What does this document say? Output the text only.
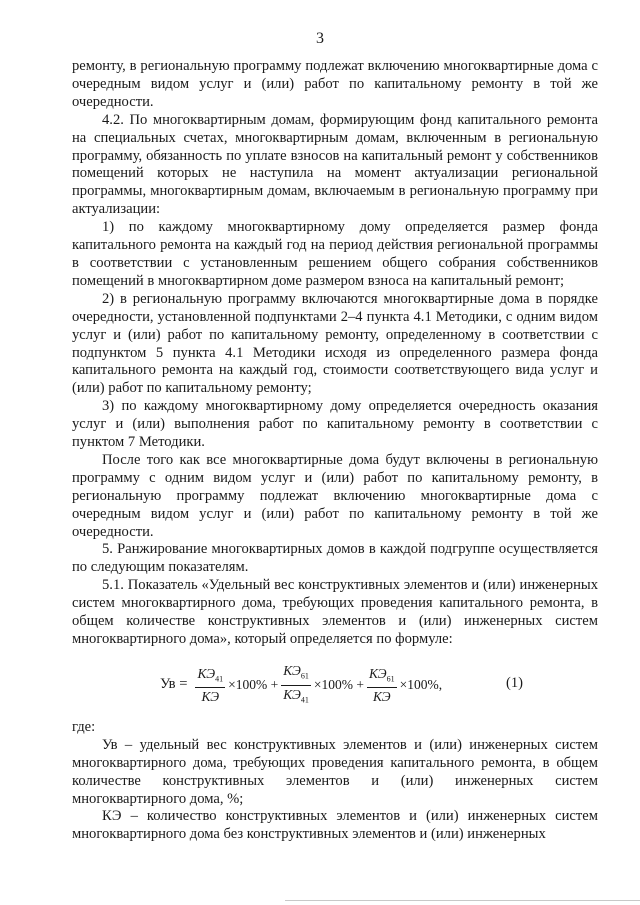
3

ремонту, в региональную программу подлежат включению многоквартирные дома с очередным видом услуг и (или) работ по капитальному ремонту в той же очередности.

4.2. По многоквартирным домам, формирующим фонд капитального ремонта на специальных счетах, многоквартирным домам, включенным в региональную программу, обязанность по уплате взносов на капитальный ремонт у собственников помещений которых не наступила на момент актуализации региональной программы, многоквартирным домам, включаемым в региональную программу при актуализации:

1) по каждому многоквартирному дому определяется размер фонда капитального ремонта на каждый год на период действия региональной программы в соответствии с установленным решением общего собрания собственников помещений в многоквартирном доме размером взноса на капитальный ремонт;

2) в региональную программу включаются многоквартирные дома в порядке очередности, установленной подпунктами 2–4 пункта 4.1 Методики, с одним видом услуг и (или) работ по капитальному ремонту, определенному в соответствии с подпунктом 5 пункта 4.1 Методики исходя из определенного размера фонда капитального ремонта на каждый год, стоимости соответствующего вида услуг и (или) работ по капитальному ремонту;

3) по каждому многоквартирному дому определяется очередность оказания услуг и (или) выполнения работ по капитальному ремонту в соответствии с пунктом 7 Методики.

После того как все многоквартирные дома будут включены в региональную программу с одним видом услуг и (или) работ по капитальному ремонту, в региональную программу подлежат включению многоквартирные дома с очередным видом услуг и (или) работ по капитальному ремонту в той же очередности.

5. Ранжирование многоквартирных домов в каждой подгруппе осуществляется по следующим показателям.

5.1. Показатель «Удельный вес конструктивных элементов и (или) инженерных систем многоквартирного дома, требующих проведения капитального ремонта, в общем количестве конструктивных элементов и (или) инженерных систем многоквартирного дома», который определяется по формуле:

Ув = $\frac{КЭ_{41}}{КЭ} \times 100\% + \frac{КЭ_{61}}{КЭ_{41}} \times 100\% + \frac{КЭ_{61}}{КЭ} \times 100\%$,	(1)

где:

Ув – удельный вес конструктивных элементов и (или) инженерных систем многоквартирного дома, требующих проведения капитального ремонта, в общем количестве конструктивных элементов и (или) инженерных систем многоквартирного дома, %;

КЭ – количество конструктивных элементов и (или) инженерных систем многоквартирного дома без конструктивных элементов и (или) инженерных
